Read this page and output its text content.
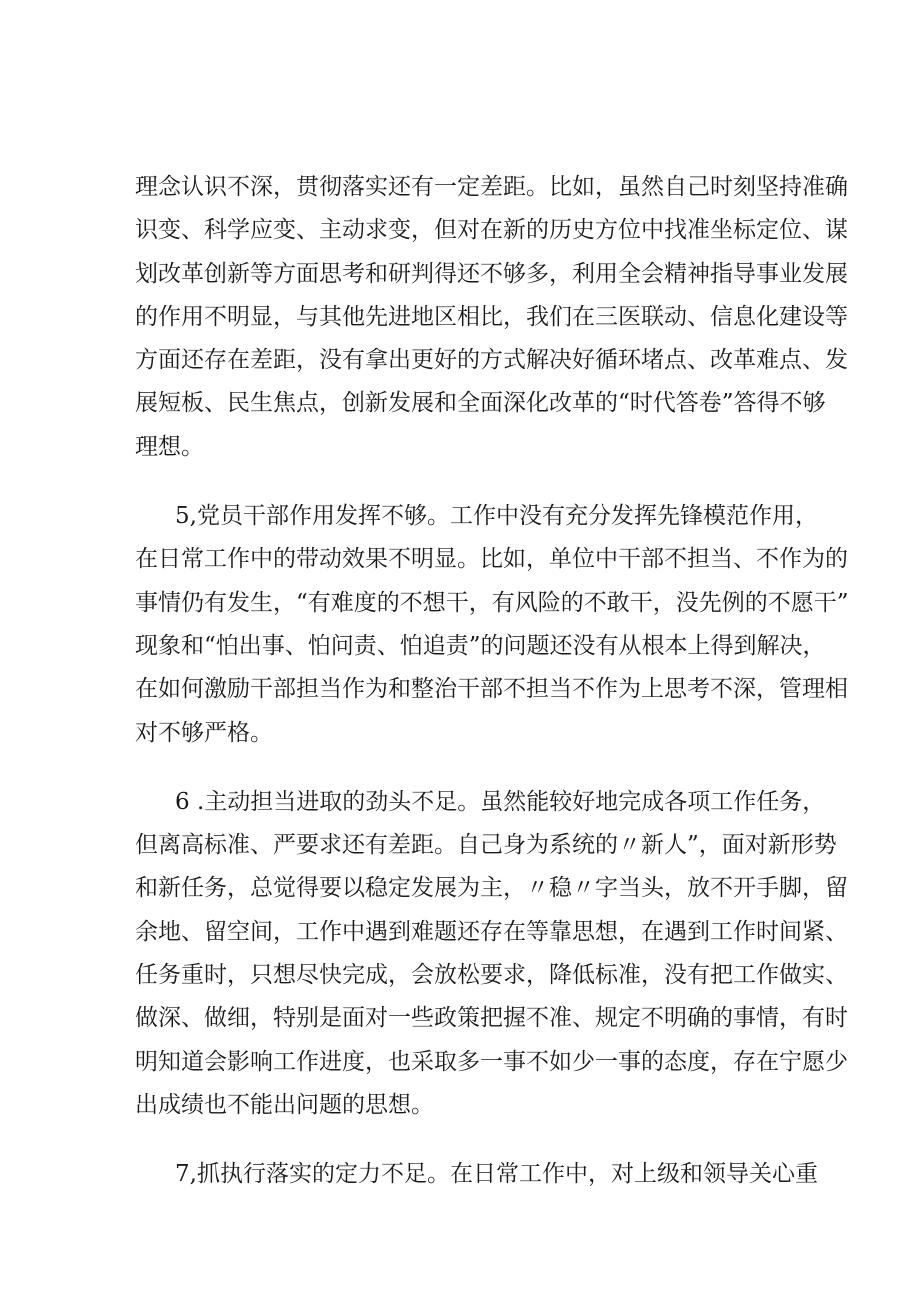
理念认识不深，贯彻落实还有一定差距。比如，虽然自己时刻坚持准确
识变、科学应变、主动求变，但对在新的历史方位中找准坐标定位、谋
划改革创新等方面思考和研判得还不够多，利用全会精神指导事业发展
的作用不明显，与其他先进地区相比，我们在三医联动、信息化建设等
方面还存在差距，没有拿出更好的方式解决好循环堵点、改革难点、发
展短板、民生焦点，创新发展和全面深化改革的“时代答卷”答得不够
理想。
5,党员干部作用发挥不够。工作中没有充分发挥先锋模范作用，
在日常工作中的带动效果不明显。比如，单位中干部不担当、不作为的
事情仍有发生，“有难度的不想干，有风险的不敢干，没先例的不愿干”
现象和“怕出事、怕问责、怕追责”的问题还没有从根本上得到解决，
在如何激励干部担当作为和整治干部不担当不作为上思考不深，管理相
对不够严格。
6 .主动担当进取的劲头不足。虽然能较好地完成各项工作任务，
但离高标准、严要求还有差距。自己身为系统的〃新人”，面对新形势
和新任务，总觉得要以稳定发展为主，〃稳〃字当头，放不开手脚，留
余地、留空间，工作中遇到难题还存在等靠思想，在遇到工作时间紧、
任务重时，只想尽快完成，会放松要求，降低标准，没有把工作做实、
做深、做细，特别是面对一些政策把握不准、规定不明确的事情，有时
明知道会影响工作进度，也采取多一事不如少一事的态度，存在宁愿少
出成绩也不能出问题的思想。
7,抓执行落实的定力不足。在日常工作中，对上级和领导关心重
